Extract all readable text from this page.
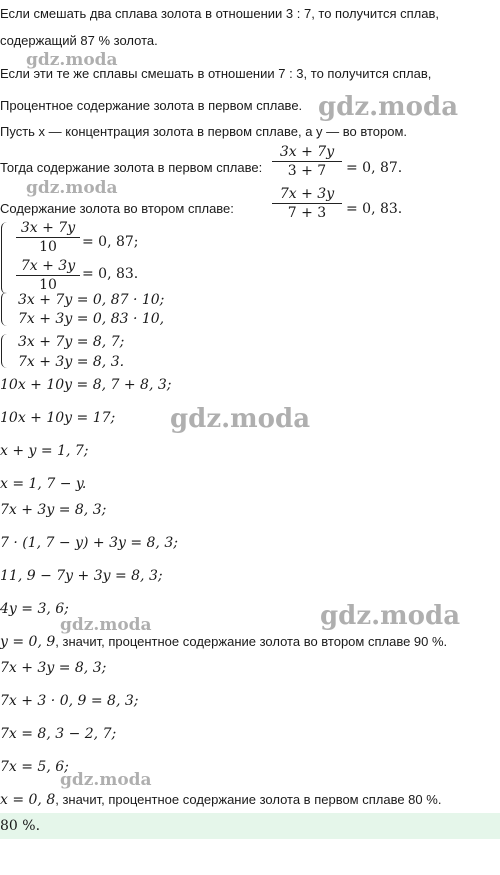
Если смешать два сплава золота в отношении 3 : 7, то получится сплав,
содержащий 87 % золота.
Если эти те же сплавы смешать в отношении 7 : 3, то получится сплав,
Процентное содержание золота в первом сплаве.
Пусть x — концентрация золота в первом сплаве, а y — во втором.
Тогда содержание золота в первом сплаве: $\frac{3x + 7y}{3 + 7} = 0$, 87.
Содержание золота во втором сплаве:	$\frac{7x + 3y}{7 + 3} = 0$, 83.
$\frac{3x + 7y}{10} = 0$, 87;
$\frac{7x + 3y}{10} = 0$, 83.
3x + 7y = 0, 87 · 10;
7x + 3y = 0, 83 · 10,
3x + 7y = 8, 7;
7x + 3y = 8, 3.
10x + 10y = 8, 7 + 8, 3;
10x + 10y = 17;
x + y = 1, 7;
x = 1, 7 − y.
7x + 3y = 8, 3;
7 · (1, 7 − y) + 3y = 8, 3;
11, 9 − 7y + 3y = 8, 3;
4y = 3, 6;
y = 0, 9, значит, процентное содержание золота во втором сплаве 90 %.
7x + 3y = 8, 3;
7x + 3 · 0, 9 = 8, 3;
7x = 8, 3 − 2, 7;
7x = 5, 6;
x = 0, 8, значит, процентное содержание золота в первом сплаве 80 %.
80 %.
gdz.moda
gdz.moda
gdz.moda
gdz.moda
gdz.moda
gdz.moda
gdz.moda
